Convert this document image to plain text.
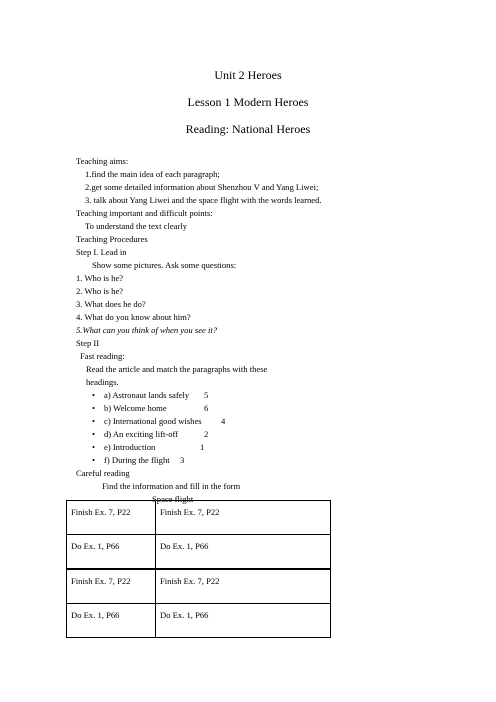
Unit 2 Heroes
Lesson 1 Modern Heroes
Reading: National Heroes
Teaching aims:
1.find the main idea of each paragraph;
2.get some detailed information about Shenzhou V and Yang Liwei;
3. talk about Yang Liwei and the space flight with the words learned.
Teaching important and difficult points:
To understand the text clearly
Teaching Procedures
Step I. Lead in
Show some pictures. Ask some questions:
1. Who is he?
2. Who is he?
3. What does he do?
4. What do you know about him?
5.What can you think of when you see it?
Step II
Fast reading:
Read the article and match the paragraphs with these
headings.
• a) Astronaut lands safely 5
• b) Welcome home	6
• c) International good wishes 4
• d) An exciting lift-off	2
• e) Introduction	1
• f) During the flight 3
Careful reading
Find the information and fill in the form
Space flight
Finish Ex. 7, P22	Finish Ex. 7, P22
Do Ex. 1, P66	Do Ex. 1, P66
Finish Ex. 7, P22	Finish Ex. 7, P22
Do Ex. 1, P66	Do Ex. 1, P66
